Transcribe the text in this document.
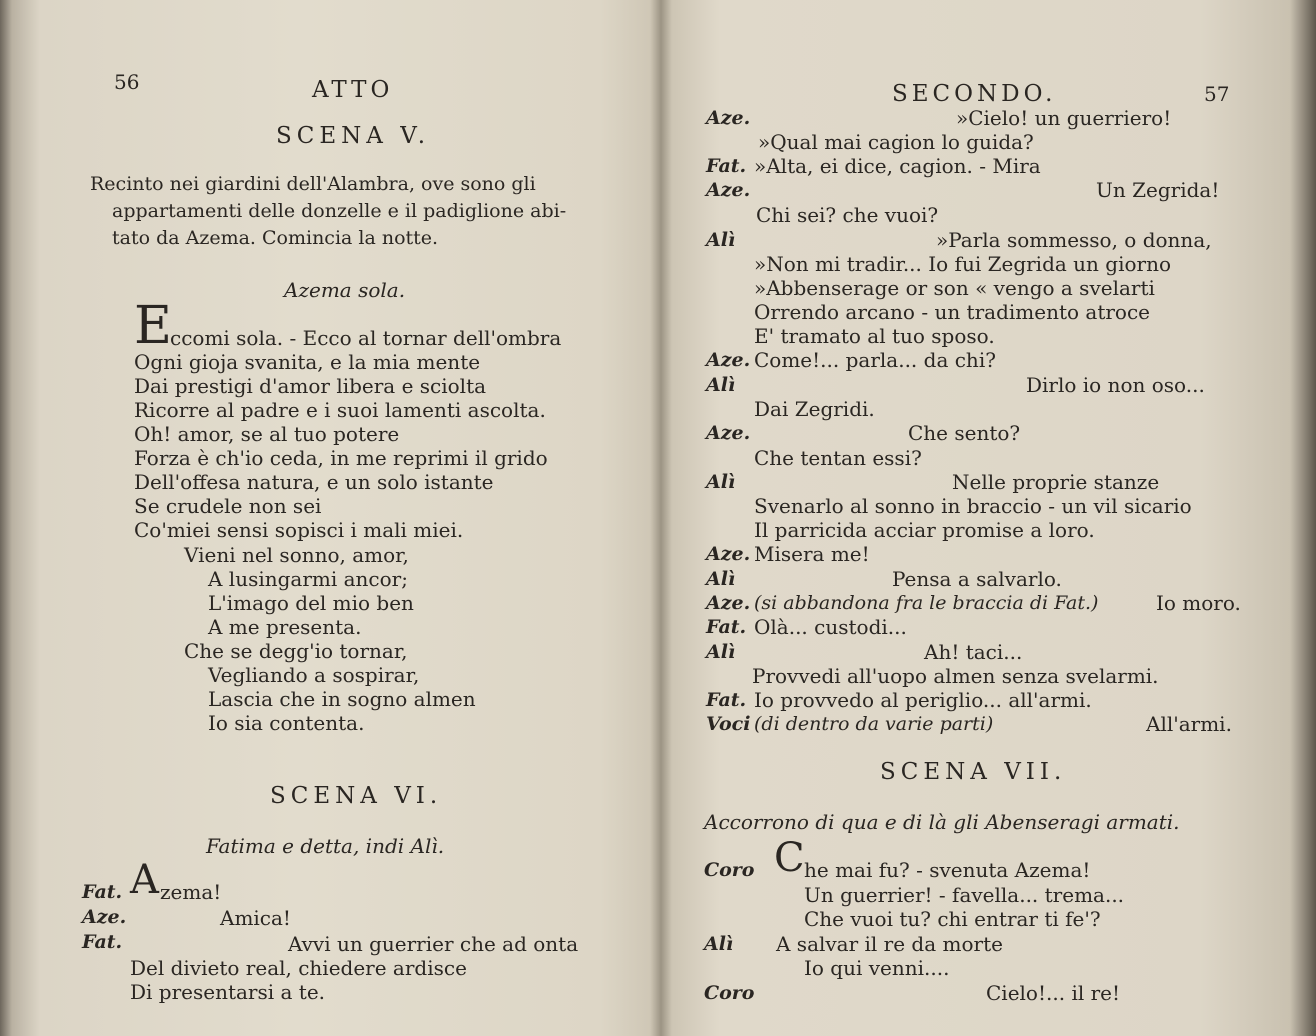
56	ATTO
SCENA V.
Recinto nei giardini dell'Alambra, ove sono gli
appartamenti delle donzelle e il padiglione abi-
tato da Azema. Comincia la notte.
Azema sola.
E
ccomi sola. - Ecco al tornar dell'ombra
Ogni gioja svanita, e la mia mente
Dai prestigi d'amor libera e sciolta
Ricorre al padre e i suoi lamenti ascolta.
Oh! amor, se al tuo potere
Forza è ch'io ceda, in me reprimi il grido
Dell'offesa natura, e un solo istante
Se crudele non sei
Co'miei sensi sopisci i mali miei.
Vieni nel sonno, amor,
A lusingarmi ancor;
L'imago del mio ben
A me presenta.
Che se degg'io tornar,
Vegliando a sospirar,
Lascia che in sogno almen
Io sia contenta.
SCENA VI.
Fatima e detta, indi Alì.
Fat. A zema!
Aze.	Amica!
Fat.	Avvi un guerrier che ad onta
Del divieto real, chiedere ardisce
Di presentarsi a te.
SECONDO.	57
Aze.	»Cielo! un guerriero!
»Qual mai cagion lo guida?
Fat. »Alta, ei dice, cagion. - Mira
Aze.	Un Zegrida!
Chi sei? che vuoi?
Alì	»Parla sommesso, o donna,
»Non mi tradir... Io fui Zegrida un giorno
»Abbenserage or son « vengo a svelarti
Orrendo arcano - un tradimento atroce
E' tramato al tuo sposo.
Aze. Come!... parla... da chi?
Alì	Dirlo io non oso...
Dai Zegridi.
Aze.	Che sento?
Che tentan essi?
Alì	Nelle proprie stanze
Svenarlo al sonno in braccio - un vil sicario
Il parricida acciar promise a loro.
Aze. Misera me!
Alì	Pensa a salvarlo.
Aze. (si abbandona fra le braccia di Fat.)	Io moro.
Fat. Olà... custodi...
Alì	Ah! taci...
Provvedi all'uopo almen senza svelarmi.
Fat. Io provvedo al periglio... all'armi.
Voci (di dentro da varie parti)	All'armi.
SCENA VII.
Accorrono di qua e di là gli Abenseragi armati.
Coro C he mai fu? - svenuta Azema!
Un guerrier! - favella... trema...
Che vuoi tu? chi entrar ti fe'?
Alì A salvar il re da morte
Io qui venni....
Coro	Cielo!... il re!
